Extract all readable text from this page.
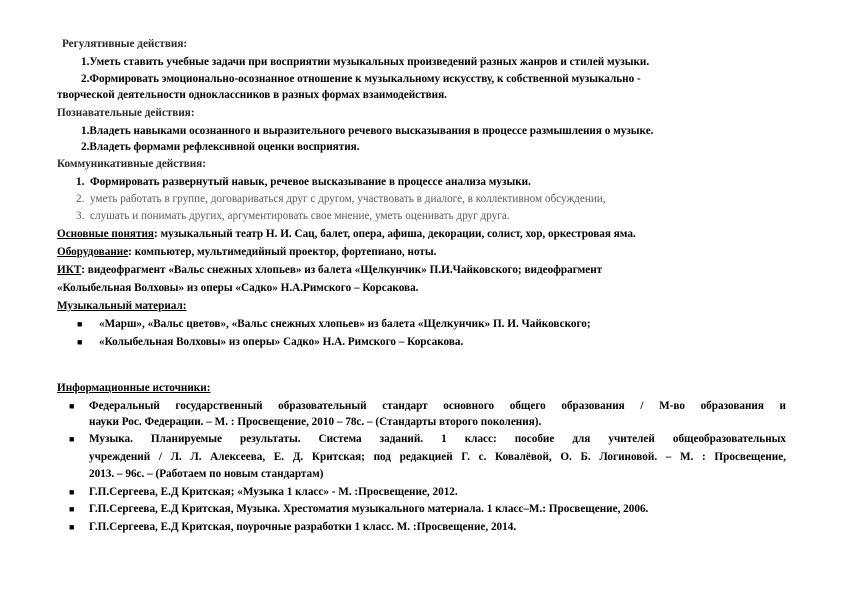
Регулятивные действия:
1.Уметь ставить учебные задачи при восприятии музыкальных произведений разных жанров и стилей музыки.
2.Формировать эмоционально-осознанное отношение к музыкальному искусству, к собственной музыкально -
творческой деятельности одноклассников в разных формах взаимодействия.
Познавательные действия:
1.Владеть навыками осознанного и выразительного речевого высказывания в процессе размышления о музыке.
2.Владеть формами рефлексивной оценки восприятия.
Коммуникативные действия:
1. Формировать развернутый навык, речевое высказывание в процессе анализа музыки.
2. уметь работать в группе, договариваться друг с другом, участвовать в диалоге, в коллективном обсуждении,
3. слушать и понимать других, аргументировать свое мнение, уметь оценивать друг друга.
Основные понятия: музыкальный театр Н. И. Сац, балет, опера, афиша, декорации, солист, хор, оркестровая яма.
Оборудование: компьютер, мультимедийный проектор, фортепиано, ноты.
ИКТ: видеофрагмент «Вальс снежных хлопьев» из балета «Щелкунчик» П.И.Чайковского; видеофрагмент
«Колыбельная Волховы» из оперы «Садко» Н.А.Римского – Корсакова.
Музыкальный материал:
■ «Марш», «Вальс цветов», «Вальс снежных хлопьев» из балета «Щелкунчик» П. И. Чайковского;
■ «Колыбельная Волховы» из оперы» Садко» Н.А. Римского – Корсакова.
Информационные источники:
■ Федеральный государственный образовательный стандарт основного общего образования / М-во образования и
науки Рос. Федерации. – М. : Просвещение, 2010 – 78с. – (Стандарты второго поколения).
■ Музыка. Планируемые результаты. Система заданий. 1 класс: пособие для учителей общеобразовательных
учреждений / Л. Л. Алексеева, Е. Д. Критская; под редакцией Г. с. Ковалёвой, О. Б. Логиновой. – М. : Просвещение,
2013. – 96с. – (Работаем по новым стандартам)
■ Г.П.Сергеева, Е.Д Критская; «Музыка 1 класс» - М. :Просвещение, 2012.
■ Г.П.Сергеева, Е.Д Критская, Музыка. Хрестоматия музыкального материала. 1 класс–М.: Просвещение, 2006.
■ Г.П.Сергеева, Е.Д Критская, поурочные разработки 1 класс. М. :Просвещение, 2014.
